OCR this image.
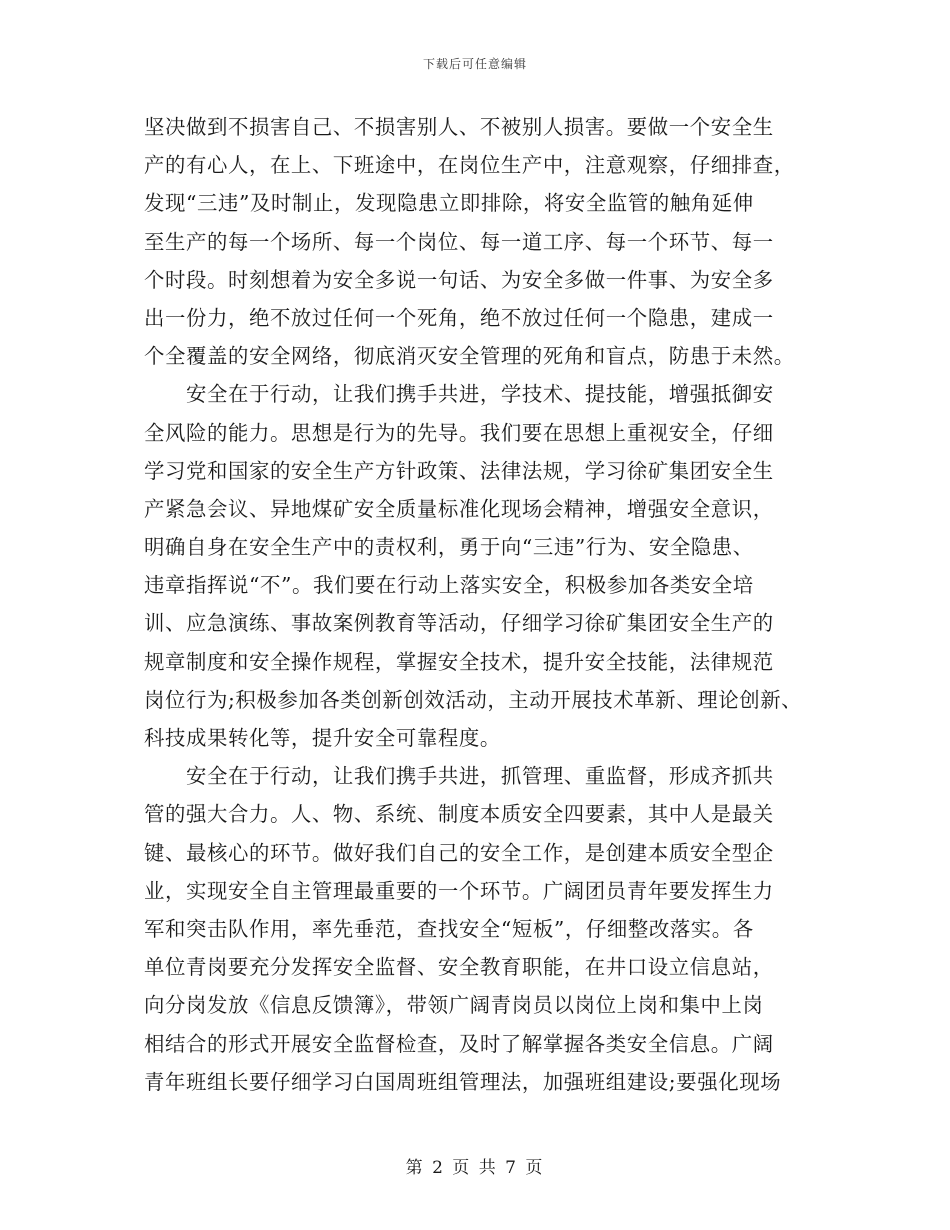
下载后可任意编辑
坚决做到不损害自己、不损害别人、不被别人损害。要做一个安全生
产的有心人，在上、下班途中，在岗位生产中，注意观察，仔细排查，
发现“三违”及时制止，发现隐患立即排除，将安全监管的触角延伸
至生产的每一个场所、每一个岗位、每一道工序、每一个环节、每一
个时段。时刻想着为安全多说一句话、为安全多做一件事、为安全多
出一份力，绝不放过任何一个死角，绝不放过任何一个隐患，建成一
个全覆盖的安全网络，彻底消灭安全管理的死角和盲点，防患于未然。
安全在于行动，让我们携手共进，学技术、提技能，增强抵御安
全风险的能力。思想是行为的先导。我们要在思想上重视安全，仔细
学习党和国家的安全生产方针政策、法律法规，学习徐矿集团安全生
产紧急会议、异地煤矿安全质量标准化现场会精神，增强安全意识，
明确自身在安全生产中的责权利，勇于向“三违”行为、安全隐患、
违章指挥说“不”。我们要在行动上落实安全，积极参加各类安全培
训、应急演练、事故案例教育等活动，仔细学习徐矿集团安全生产的
规章制度和安全操作规程，掌握安全技术，提升安全技能，法律规范
岗位行为;积极参加各类创新创效活动，主动开展技术革新、理论创新、
科技成果转化等，提升安全可靠程度。
安全在于行动，让我们携手共进，抓管理、重监督，形成齐抓共
管的强大合力。人、物、系统、制度本质安全四要素，其中人是最关
键、最核心的环节。做好我们自己的安全工作，是创建本质安全型企
业，实现安全自主管理最重要的一个环节。广阔团员青年要发挥生力
军和突击队作用，率先垂范，查找安全“短板”，仔细整改落实。各
单位青岗要充分发挥安全监督、安全教育职能，在井口设立信息站，
向分岗发放《信息反馈簿》，带领广阔青岗员以岗位上岗和集中上岗
相结合的形式开展安全监督检查，及时了解掌握各类安全信息。广阔
青年班组长要仔细学习白国周班组管理法，加强班组建设;要强化现场
第 2 页 共 7 页
